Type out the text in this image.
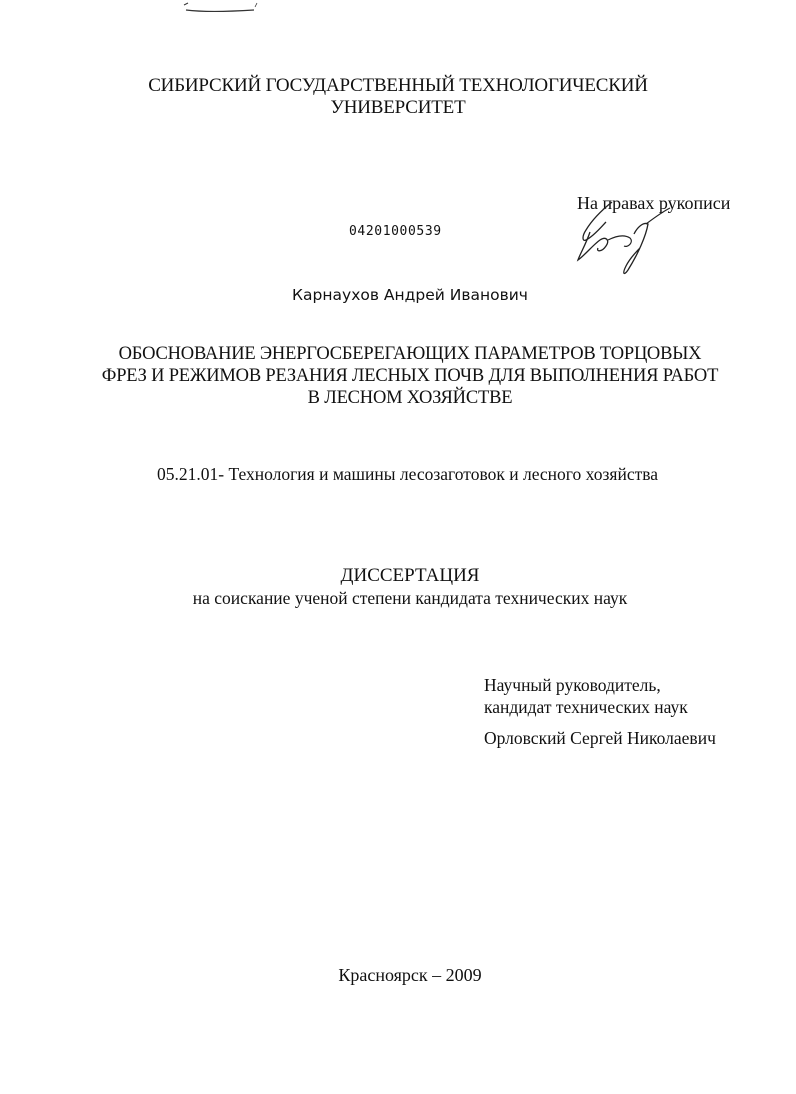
СИБИРСКИЙ ГОСУДАРСТВЕННЫЙ ТЕХНОЛОГИЧЕСКИЙ
УНИВЕРСИТЕТ
На правах рукописи
04201000539
Карнаухов Андрей Иванович
ОБОСНОВАНИЕ ЭНЕРГОСБЕРЕГАЮЩИХ ПАРАМЕТРОВ ТОРЦОВЫХ
ФРЕЗ И РЕЖИМОВ РЕЗАНИЯ ЛЕСНЫХ ПОЧВ ДЛЯ ВЫПОЛНЕНИЯ РАБОТ
В ЛЕСНОМ ХОЗЯЙСТВЕ
05.21.01- Технология и машины лесозаготовок и лесного хозяйства
ДИССЕРТАЦИЯ
на соискание ученой степени кандидата технических наук
Научный руководитель,
кандидат технических наук
Орловский Сергей Николаевич
Красноярск – 2009
